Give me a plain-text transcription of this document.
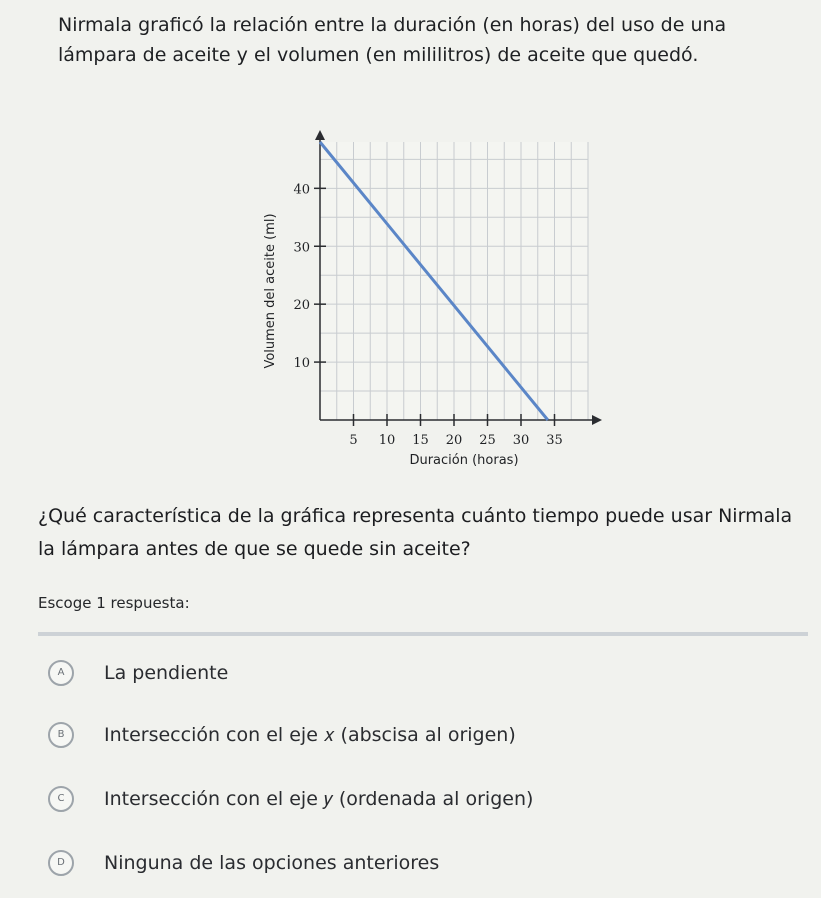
Nirmala graficó la relación entre la duración (en horas) del uso de una lámpara de aceite y el volumen (en mililitros) de aceite que quedó.
5 10 15 20 25 30 35
10
20
30
40
Duración (horas)
Volumen del aceite (ml)
¿Qué característica de la gráfica representa cuánto tiempo puede usar Nirmala la lámpara antes de que se quede sin aceite?
Escoge 1 respuesta:
A	La pendiente
B	Intersección con el eje 𝑥 (abscisa al origen)
C	Intersección con el eje 𝑦 (ordenada al origen)
D	Ninguna de las opciones anteriores
